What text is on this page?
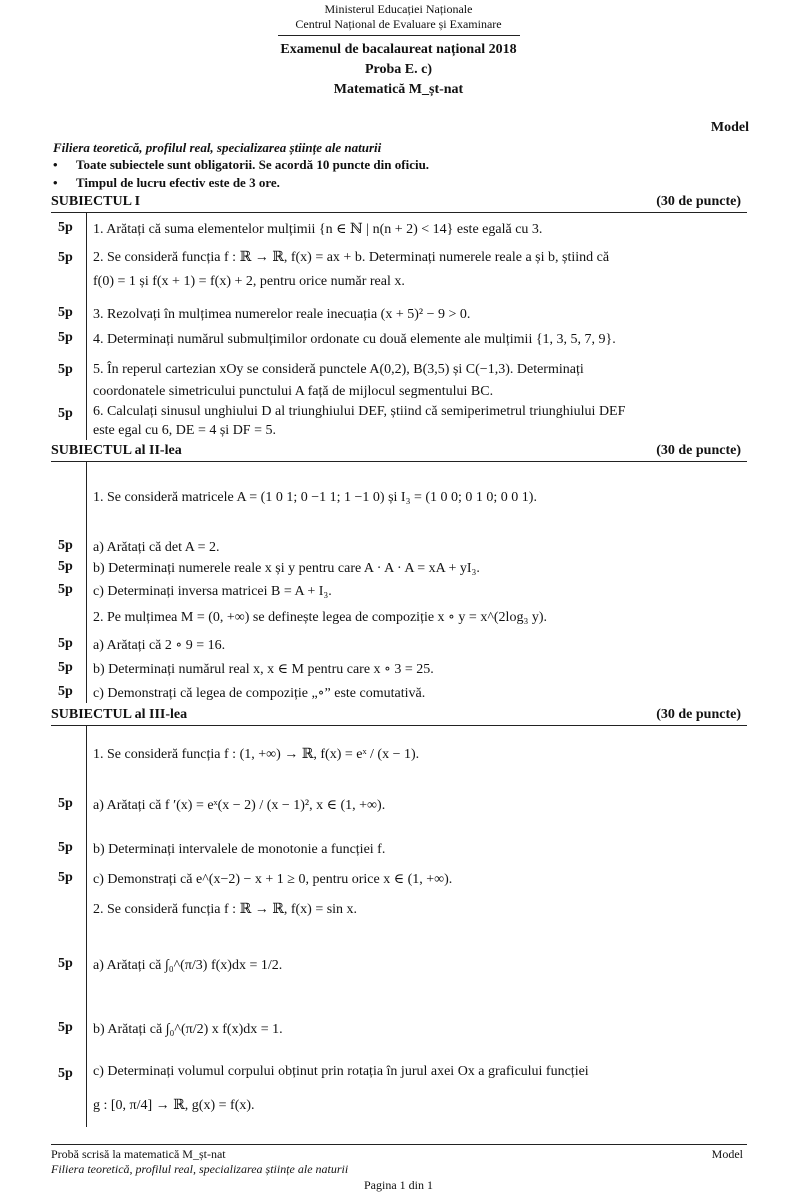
Ministerul Educației Naționale
Centrul Național de Evaluare și Examinare
Examenul de bacalaureat național 2018
Proba E. c)
Matematică M_șt-nat
Model
Filiera teoretică, profilul real, specializarea științe ale naturii
• Toate subiectele sunt obligatorii. Se acordă 10 puncte din oficiu.
• Timpul de lucru efectiv este de 3 ore.
SUBIECTUL I	(30 de puncte)
5p 1. Arătați că suma elementelor mulțimii {n ∈ ℕ | n(n + 2) < 14} este egală cu 3.
5p 2. Se consideră funcția f : ℝ → ℝ, f(x) = ax + b. Determinați numerele reale a și b, știind că
f(0) = 1 și f(x + 1) = f(x) + 2, pentru orice număr real x.
5p 3. Rezolvați în mulțimea numerelor reale inecuația (x + 5)² − 9 > 0.
5p 4. Determinați numărul submulțimilor ordonate cu două elemente ale mulțimii {1, 3, 5, 7, 9}.
5p 5. În reperul cartezian xOy se consideră punctele A(0,2), B(3,5) și C(−1,3). Determinați
coordonatele simetricului punctului A față de mijlocul segmentului BC.
5p 6. Calculați sinusul unghiului D al triunghiului DEF, știind că semiperimetrul triunghiului DEF
este egal cu 6, DE = 4 și DF = 5.
SUBIECTUL al II-lea	(30 de puncte)
1. Se consideră matricele A = (1 0 1; 0 −1 1; 1 −1 0) și I₃ = (1 0 0; 0 1 0; 0 0 1).
5p a) Arătați că det A = 2.
5p b) Determinați numerele reale x și y pentru care A · A · A = xA + yI₃.
5p c) Determinați inversa matricei B = A + I₃.
2. Pe mulțimea M = (0, +∞) se definește legea de compoziție x ∘ y = x^(2log₃ y).
5p a) Arătați că 2 ∘ 9 = 16.
5p b) Determinați numărul real x, x ∈ M pentru care x ∘ 3 = 25.
5p c) Demonstrați că legea de compoziție „∘” este comutativă.
SUBIECTUL al III-lea	(30 de puncte)
1. Se consideră funcția f : (1, +∞) → ℝ, f(x) = eˣ / (x − 1).
5p a) Arătați că f ′(x) = eˣ(x − 2) / (x − 1)², x ∈ (1, +∞).
5p b) Determinați intervalele de monotonie a funcției f.
5p c) Demonstrați că e^(x−2) − x + 1 ≥ 0, pentru orice x ∈ (1, +∞).
2. Se consideră funcția f : ℝ → ℝ, f(x) = sin x.
5p a) Arătați că ∫₀^(π/3) f(x)dx = 1/2.
5p b) Arătați că ∫₀^(π/2) x f(x)dx = 1.
5p c) Determinați volumul corpului obținut prin rotația în jurul axei Ox a graficului funcției
g : [0, π/4] → ℝ, g(x) = f(x).
Probă scrisă la matematică M_șt-nat	Model
Filiera teoretică, profilul real, specializarea științe ale naturii
Pagina 1 din 1
